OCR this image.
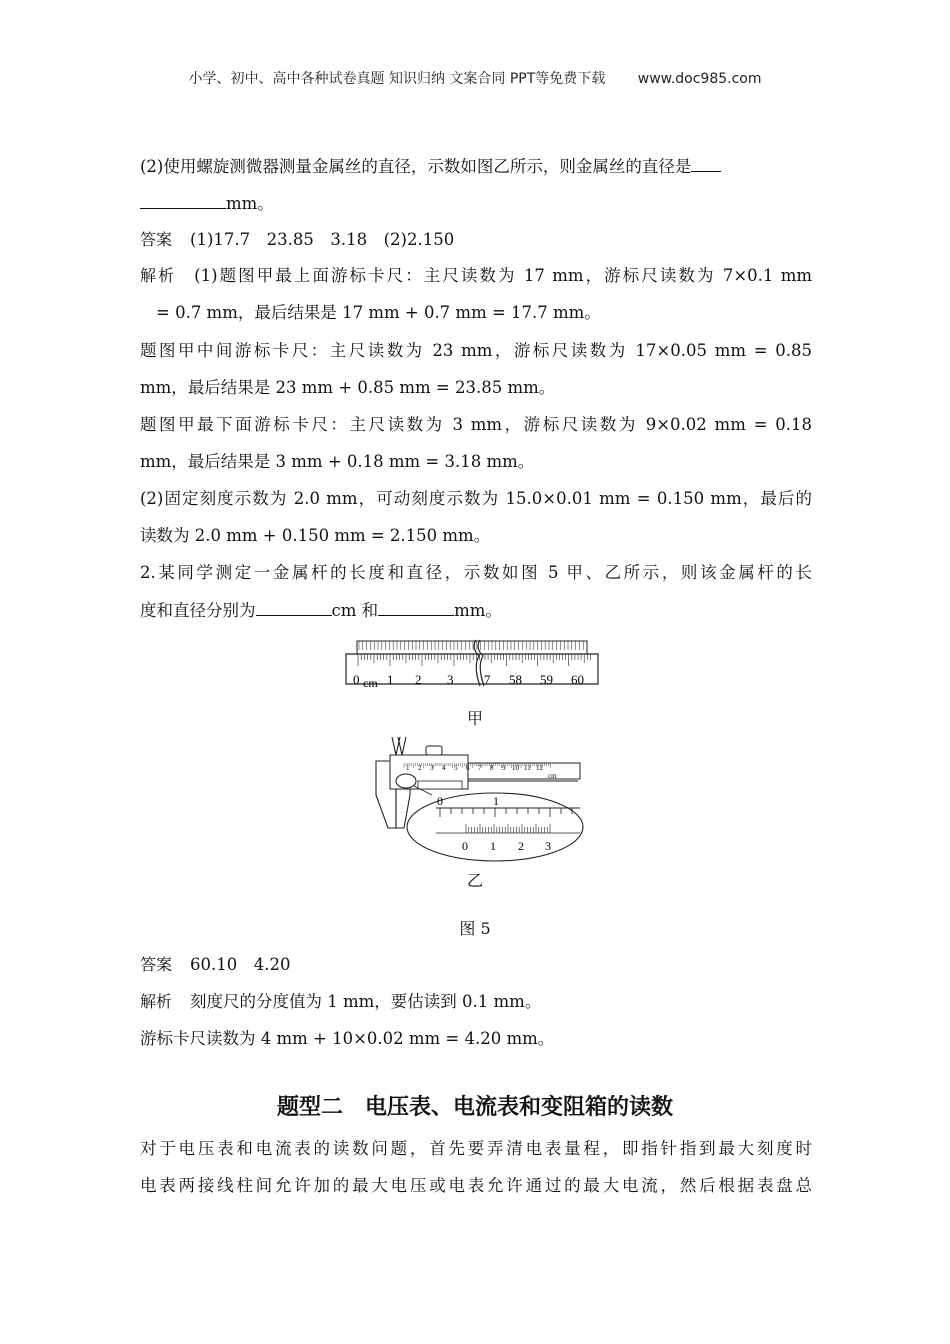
小学、初中、高中各种试卷真题 知识归纳 文案合同 PPT等免费下载 www.doc985.com
(2)使用螺旋测微器测量金属丝的直径，示数如图乙所示，则金属丝的直径是
mm。
答案 (1)17.7　23.85　3.18　(2)2.150
解析 (1)题图甲最上面游标卡尺：主尺读数为 17 mm，游标尺读数为 7×0.1 mm
= 0.7 mm，最后结果是 17 mm + 0.7 mm = 17.7 mm。
题图甲中间游标卡尺：主尺读数为 23 mm，游标尺读数为 17×0.05 mm = 0.85
mm，最后结果是 23 mm + 0.85 mm = 23.85 mm。
题图甲最下面游标卡尺：主尺读数为 3 mm，游标尺读数为 9×0.02 mm = 0.18
mm，最后结果是 3 mm + 0.18 mm = 3.18 mm。
(2)固定刻度示数为 2.0 mm，可动刻度示数为 15.0×0.01 mm = 0.150 mm，最后的
读数为 2.0 mm + 0.150 mm = 2.150 mm。
2.某同学测定一金属杆的长度和直径，示数如图 5 甲、乙所示，则该金属杆的长
度和直径分别为	cm 和	mm。
0 cm 1 2 3 7 58 59 60
甲
1 2 3 4 5 6 7 8 9 10 11 12
cm
0	1
0 1 2 3
乙
图 5
答案 60.10　4.20
解析 刻度尺的分度值为 1 mm，要估读到 0.1 mm。
游标卡尺读数为 4 mm + 10×0.02 mm = 4.20 mm。
题型二　电压表、电流表和变阻箱的读数
对于电压表和电流表的读数问题，首先要弄清电表量程，即指针指到最大刻度时
电表两接线柱间允许加的最大电压或电表允许通过的最大电流，然后根据表盘总
